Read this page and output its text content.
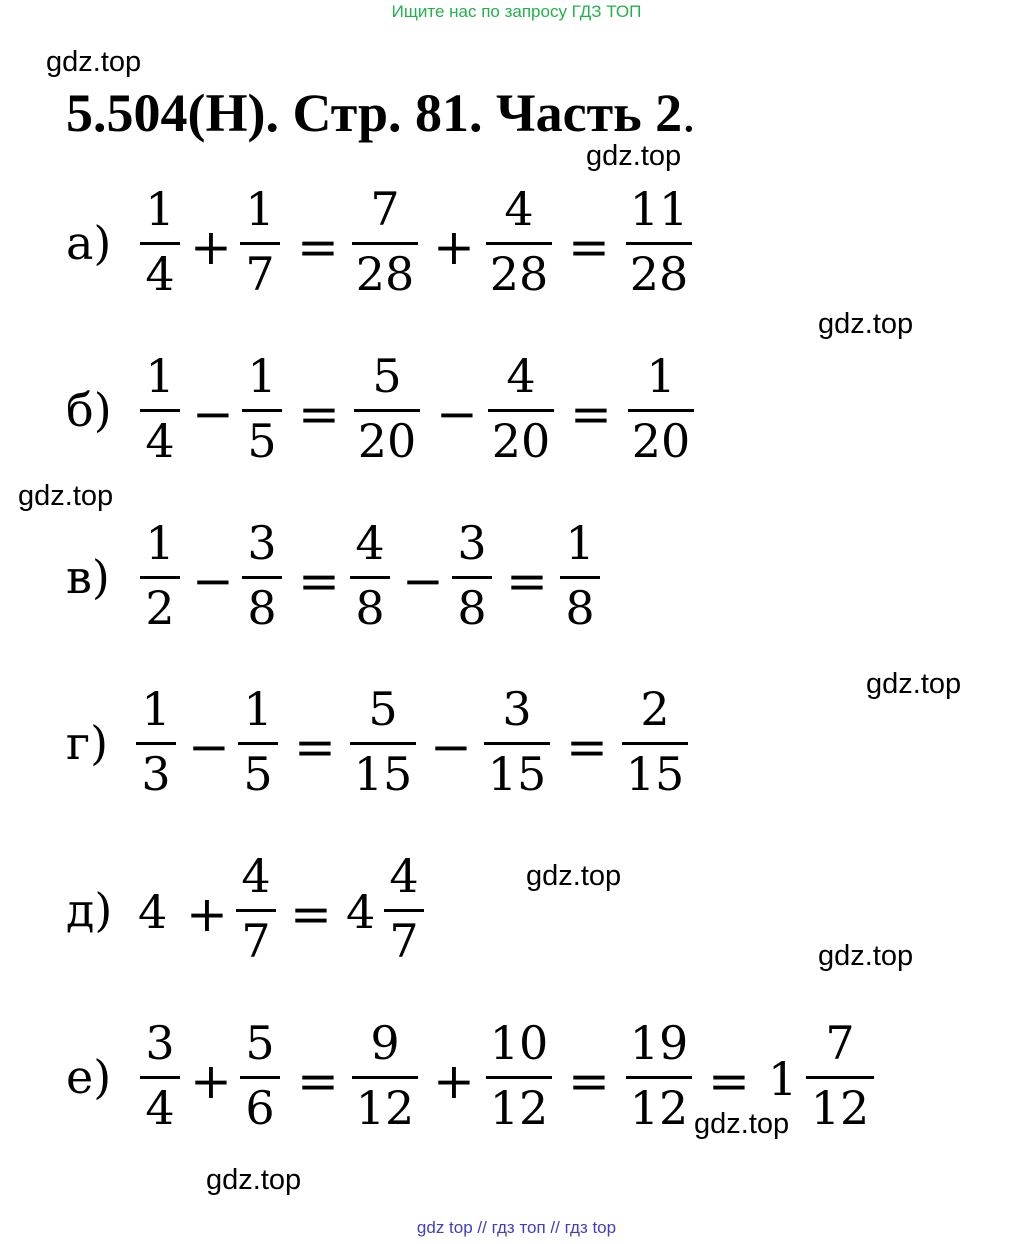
Ищите нас по запросу ГДЗ ТОП
gdz.top
5.504(Н). Стр. 81. Часть 2.
gdz.top
а)
1
4 +
1
7 =
7
28 +
4
28 =
11
28
gdz.top
б)
1
4 −
1
5 =
5
20 −
4
20 =
1
20
gdz.top
в)
1
2 −
3
8 =
4
8 −
3
8 =
1
8
gdz.top
г)
1
3 −
1
5 =
5
15 −
3
15 =
2
15
gdz.top
д) 4 +
4
7 = 4
4
7	gdz.top
е)
3
4 +
5
6 =
9
12 +
10
12 =
19
12 = 1
7
12
gdz.top
gdz.top
gdz top // гдз топ // гдз top
